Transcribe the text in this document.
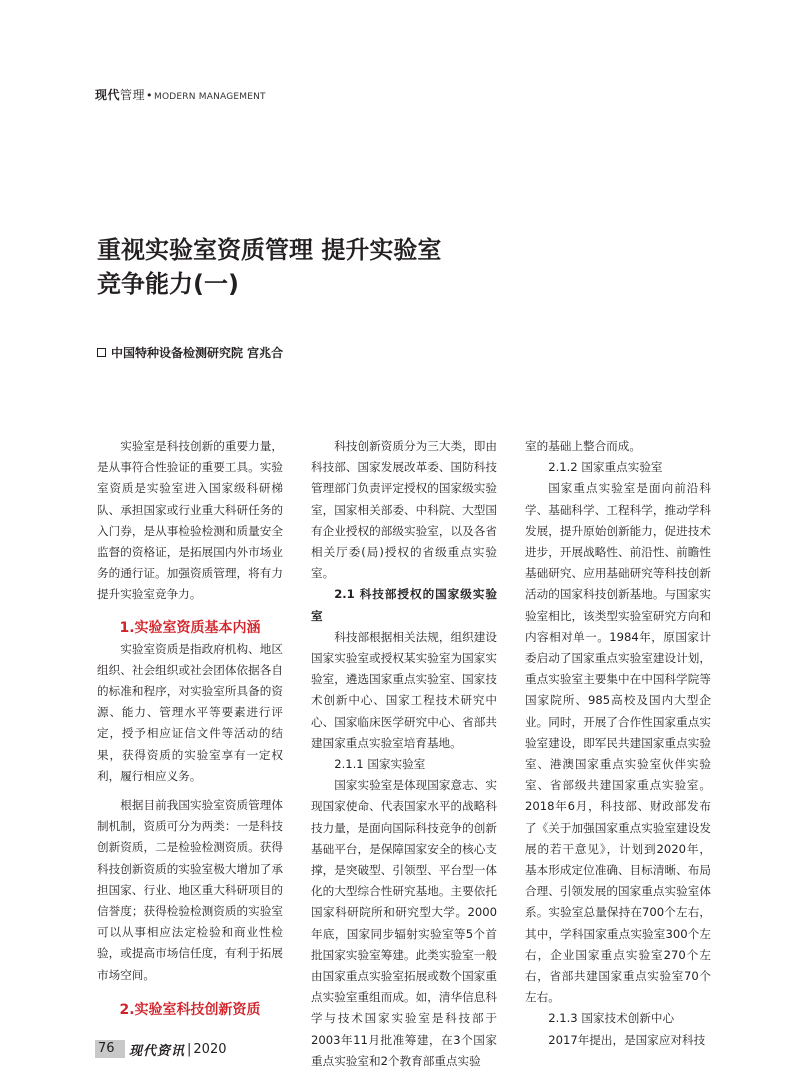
现代管理•MODERN MANAGEMENT
重视实验室资质管理 提升实验室
竞争能力(一)
中国特种设备检测研究院 宫兆合

实验室是科技创新的重要力量，是从事符合性验证的重要工具。实验室资质是实验室进入国家级科研梯队、承担国家或行业重大科研任务的入门券，是从事检验检测和质量安全监督的资格证，是拓展国内外市场业务的通行证。加强资质管理，将有力提升实验室竞争力。

1.实验室资质基本内涵

实验室资质是指政府机构、地区组织、社会组织或社会团体依据各自的标准和程序，对实验室所具备的资源、能力、管理水平等要素进行评定，授予相应证信文件等活动的结果，获得资质的实验室享有一定权利，履行相应义务。

根据目前我国实验室资质管理体制机制，资质可分为两类：一是科技创新资质，二是检验检测资质。获得科技创新资质的实验室极大增加了承担国家、行业、地区重大科研项目的信誉度；获得检验检测资质的实验室可以从事相应法定检验和商业性检验，或提高市场信任度，有利于拓展市场空间。

2.实验室科技创新资质

科技创新资质分为三大类，即由科技部、国家发展改革委、国防科技管理部门负责评定授权的国家级实验室，国家相关部委、中科院、大型国有企业授权的部级实验室，以及各省相关厅委(局)授权的省级重点实验室。

2.1 科技部授权的国家级实验室

科技部根据相关法规，组织建设国家实验室或授权某实验室为国家实验室，遴选国家重点实验室、国家技术创新中心、国家工程技术研究中心、国家临床医学研究中心、省部共建国家重点实验室培育基地。

2.1.1 国家实验室

国家实验室是体现国家意志、实现国家使命、代表国家水平的战略科技力量，是面向国际科技竞争的创新基础平台，是保障国家安全的核心支撑，是突破型、引领型、平台型一体化的大型综合性研究基地。主要依托国家科研院所和研究型大学。2000年底，国家同步辐射实验室等5个首批国家实验室筹建。此类实验室一般由国家重点实验室拓展或数个国家重点实验室重组而成。如，清华信息科学与技术国家实验室是科技部于2003年11月批准筹建，在3个国家重点实验室和2个教育部重点实验

室的基础上整合而成。

2.1.2 国家重点实验室

国家重点实验室是面向前沿科学、基础科学、工程科学，推动学科发展，提升原始创新能力，促进技术进步，开展战略性、前沿性、前瞻性基础研究、应用基础研究等科技创新活动的国家科技创新基地。与国家实验室相比，该类型实验室研究方向和内容相对单一。1984年，原国家计委启动了国家重点实验室建设计划，重点实验室主要集中在中国科学院等国家院所、985高校及国内大型企业。同时，开展了合作性国家重点实验室建设，即军民共建国家重点实验室、港澳国家重点实验室伙伴实验室、省部级共建国家重点实验室。2018年6月，科技部、财政部发布了《关于加强国家重点实验室建设发展的若干意见》，计划到2020年，基本形成定位准确、目标清晰、布局合理、引领发展的国家重点实验室体系。实验室总量保持在700个左右，其中，学科国家重点实验室300个左右，企业国家重点实验室270个左右，省部共建国家重点实验室70个左右。

2.1.3 国家技术创新中心

2017年提出，是国家应对科技

76	现代资讯 | 2020
